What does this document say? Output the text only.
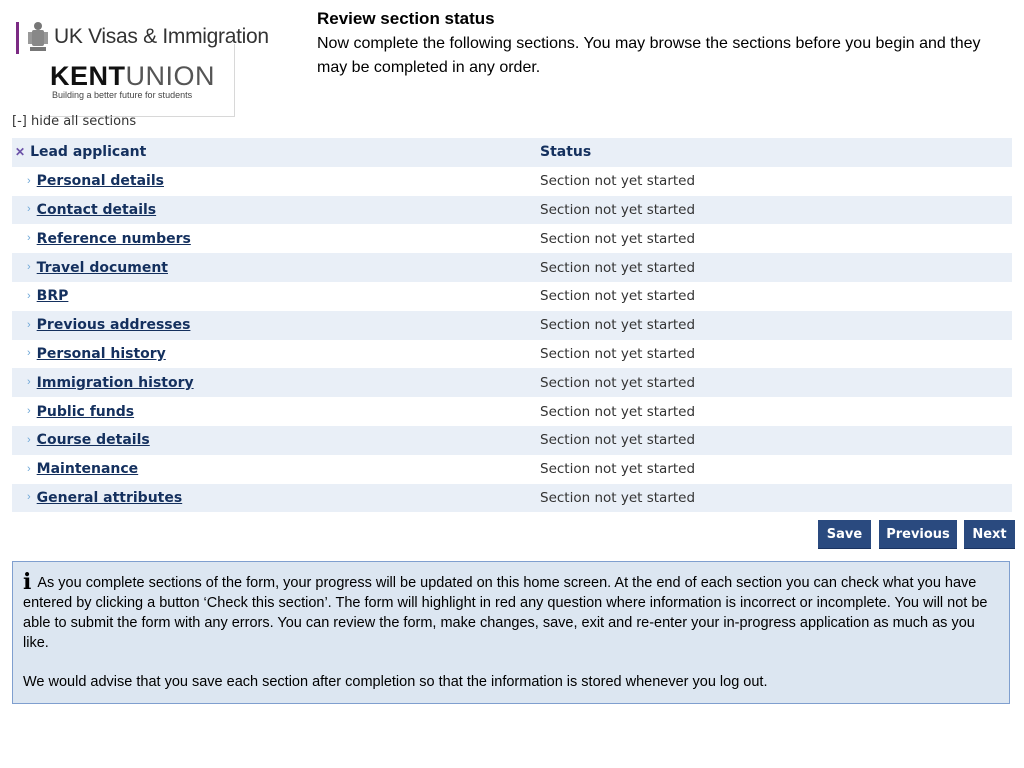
UK Visas & Immigration
KENTUNION
Building a better future for students
Review section status
Now complete the following sections. You may browse the sections before you begin and they may be completed in any order.
[-] hide all sections
✕ Lead applicant	Status
› Personal details	Section not yet started
› Contact details	Section not yet started
› Reference numbers	Section not yet started
› Travel document	Section not yet started
› BRP	Section not yet started
› Previous addresses	Section not yet started
› Personal history	Section not yet started
› Immigration history	Section not yet started
› Public funds	Section not yet started
› Course details	Section not yet started
› Maintenance	Section not yet started
› General attributes	Section not yet started
Save	Previous	Next

i As you complete sections of the form, your progress will be updated on this home screen. At the end of each section you can check what you have entered by clicking a button ‘Check this section’. The form will highlight in red any question where information is incorrect or incomplete. You will not be able to submit the form with any errors. You can review the form, make changes, save, exit and re-enter your in-progress application as much as you like.

We would advise that you save each section after completion so that the information is stored whenever you log out.
